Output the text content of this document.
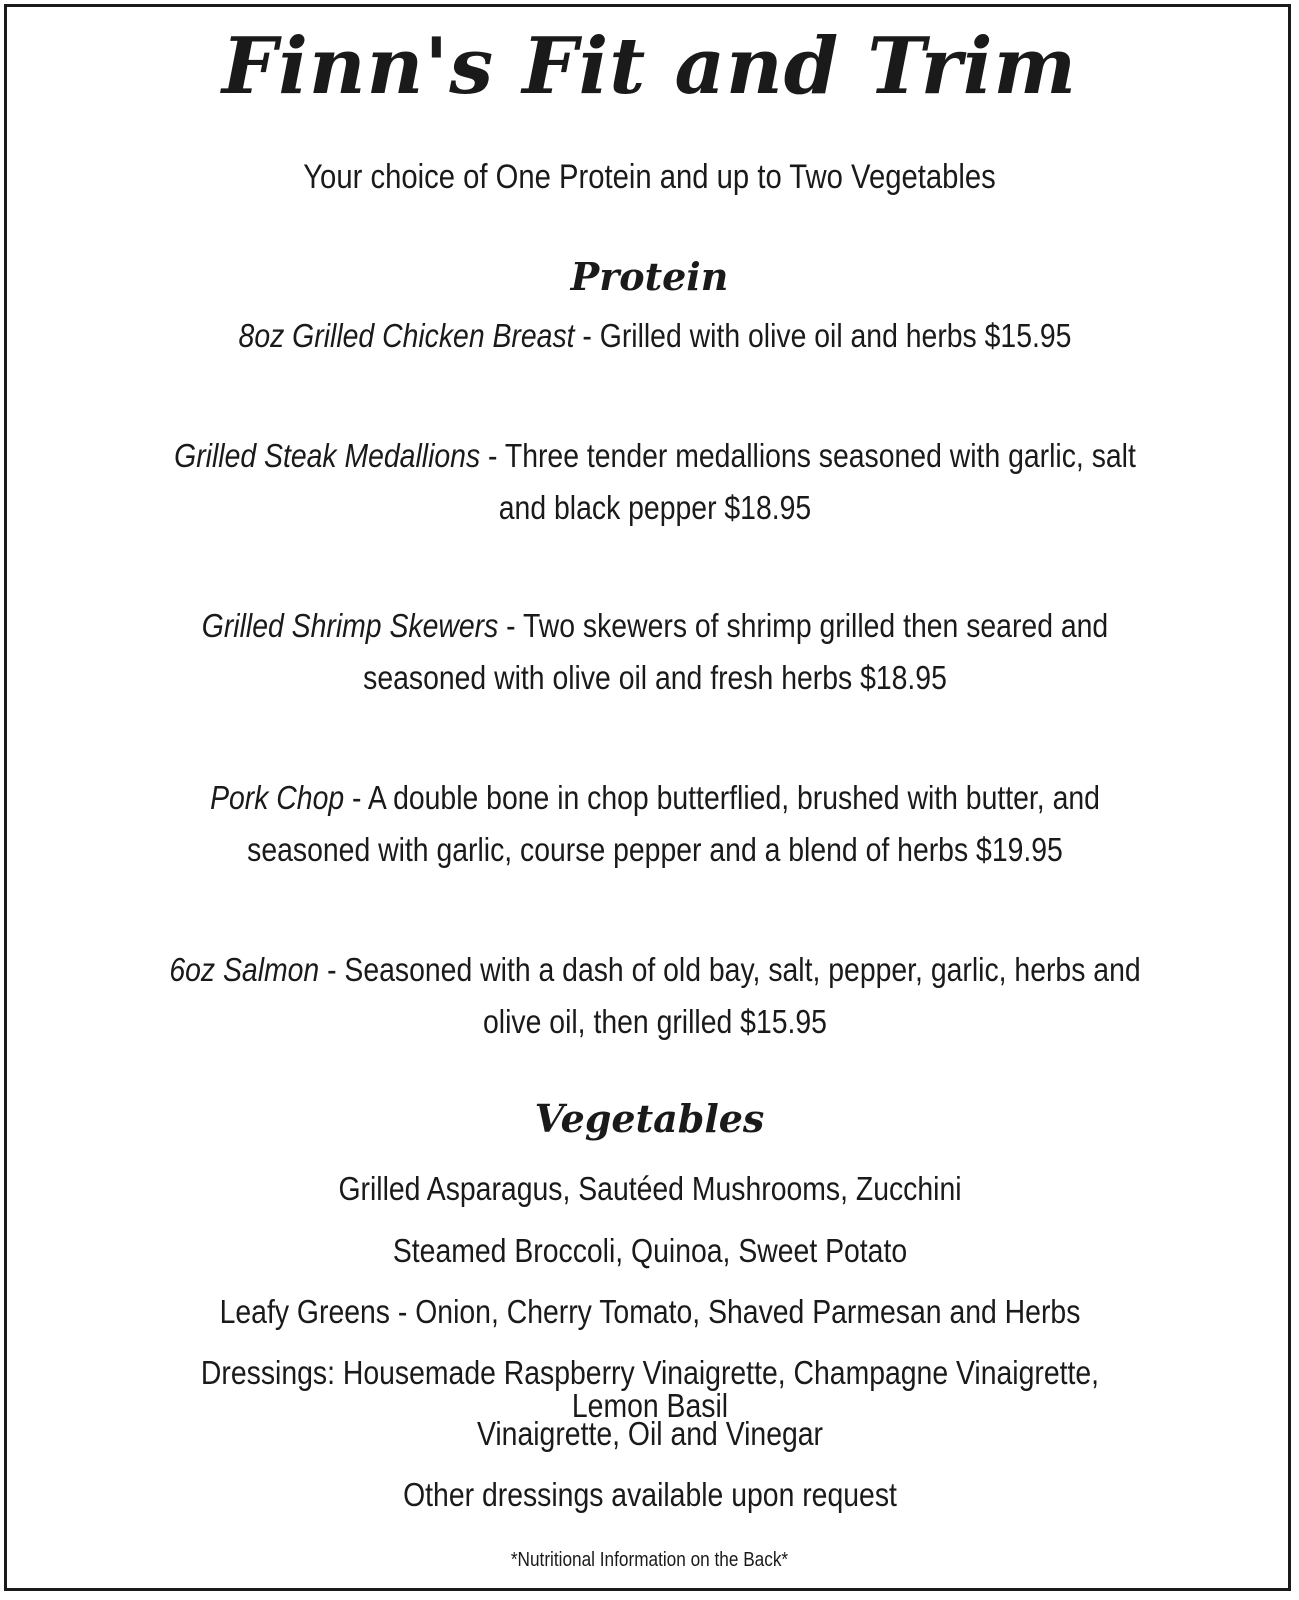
Finn's Fit and Trim
Your choice of One Protein and up to Two Vegetables
Protein
8oz Grilled Chicken Breast - Grilled with olive oil and herbs $15.95
Grilled Steak Medallions - Three tender medallions seasoned with garlic, salt and black pepper $18.95
Grilled Shrimp Skewers - Two skewers of shrimp grilled then seared and seasoned with olive oil and fresh herbs $18.95
Pork Chop - A double bone in chop butterflied, brushed with butter, and seasoned with garlic, course pepper and a blend of herbs $19.95
6oz Salmon - Seasoned with a dash of old bay, salt, pepper, garlic, herbs and olive oil, then grilled $15.95
Vegetables
Grilled Asparagus, Sautéed Mushrooms, Zucchini
Steamed Broccoli, Quinoa, Sweet Potato
Leafy Greens - Onion, Cherry Tomato, Shaved Parmesan and Herbs
Dressings: Housemade Raspberry Vinaigrette, Champagne Vinaigrette, Lemon Basil
Vinaigrette, Oil and Vinegar
Other dressings available upon request
*Nutritional Information on the Back*
